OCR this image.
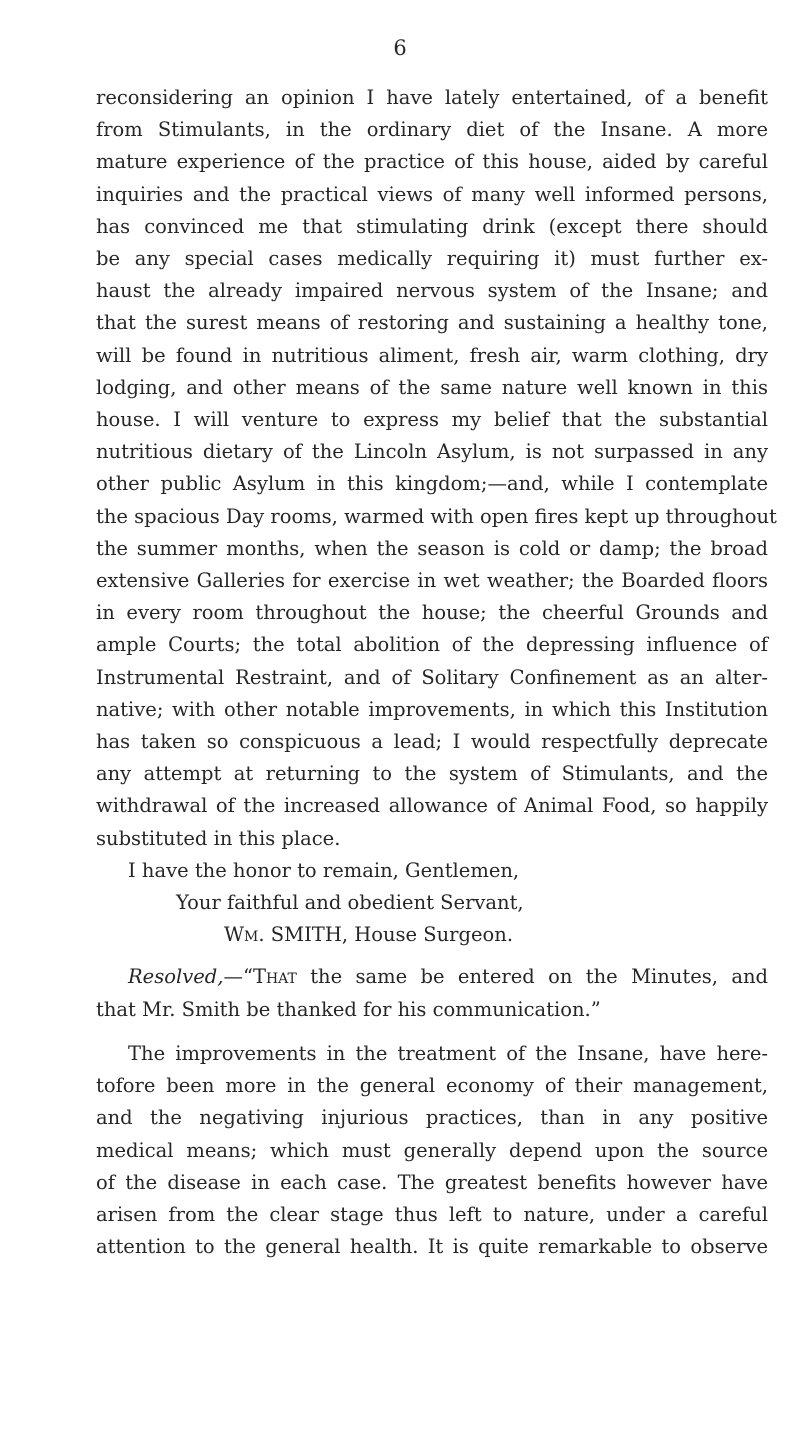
6
reconsidering an opinion I have lately entertained, of a benefit
from Stimulants, in the ordinary diet of the Insane. A more
mature experience of the practice of this house, aided by careful
inquiries and the practical views of many well informed persons,
has convinced me that stimulating drink (except there should
be any special cases medically requiring it) must further ex-
haust the already impaired nervous system of the Insane; and
that the surest means of restoring and sustaining a healthy tone,
will be found in nutritious aliment, fresh air, warm clothing, dry
lodging, and other means of the same nature well known in this
house. I will venture to express my belief that the substantial
nutritious dietary of the Lincoln Asylum, is not surpassed in any
other public Asylum in this kingdom;—and, while I contemplate
the spacious Day rooms, warmed with open fires kept up throughout
the summer months, when the season is cold or damp; the broad
extensive Galleries for exercise in wet weather; the Boarded floors
in every room throughout the house; the cheerful Grounds and
ample Courts; the total abolition of the depressing influence of
Instrumental Restraint, and of Solitary Confinement as an alter-
native; with other notable improvements, in which this Institution
has taken so conspicuous a lead; I would respectfully deprecate
any attempt at returning to the system of Stimulants, and the
withdrawal of the increased allowance of Animal Food, so happily
substituted in this place.
I have the honor to remain, Gentlemen,
Your faithful and obedient Servant,
Wm. SMITH, House Surgeon.
Resolved,—“That the same be entered on the Minutes, and
that Mr. Smith be thanked for his communication.”
The improvements in the treatment of the Insane, have here-
tofore been more in the general economy of their management,
and the negativing injurious practices, than in any positive
medical means; which must generally depend upon the source
of the disease in each case. The greatest benefits however have
arisen from the clear stage thus left to nature, under a careful
attention to the general health. It is quite remarkable to observe
